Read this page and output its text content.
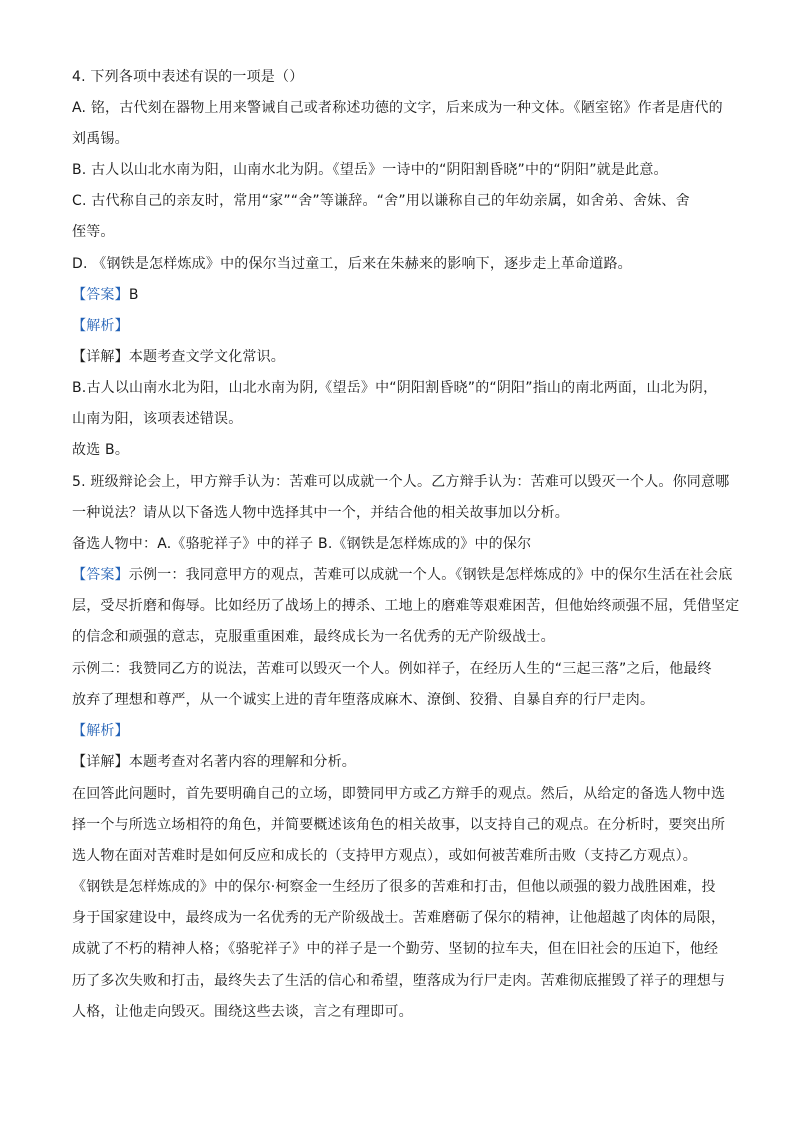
4. 下列各项中表述有误的一项是（）
A. 铭，古代刻在器物上用来警诫自己或者称述功德的文字，后来成为一种文体。《陋室铭》作者是唐代的
刘禹锡。
B. 古人以山北水南为阳，山南水北为阴。《望岳》一诗中的“阴阳割昏晓”中的“阴阳”就是此意。
C. 古代称自己的亲友时，常用“家”“舍”等谦辞。“舍”用以谦称自己的年幼亲属，如舍弟、舍妹、舍
侄等。
D. 《钢铁是怎样炼成》中的保尔当过童工，后来在朱赫来的影响下，逐步走上革命道路。
【答案】B
【解析】
【详解】本题考查文学文化常识。
B.古人以山南水北为阳，山北水南为阴,《望岳》中“阴阳割昏晓”的“阴阳”指山的南北两面，山北为阴，
山南为阳，该项表述错误。
故选 B。
5. 班级辩论会上，甲方辩手认为：苦难可以成就一个人。乙方辩手认为：苦难可以毁灭一个人。你同意哪
一种说法？请从以下备选人物中选择其中一个，并结合他的相关故事加以分析。
备选人物中：A.《骆驼祥子》中的祥子 B.《钢铁是怎样炼成的》中的保尔
【答案】示例一：我同意甲方的观点，苦难可以成就一个人。《钢铁是怎样炼成的》中的保尔生活在社会底
层，受尽折磨和侮辱。比如经历了战场上的搏杀、工地上的磨难等艰难困苦，但他始终顽强不屈，凭借坚定
的信念和顽强的意志，克服重重困难，最终成长为一名优秀的无产阶级战士。
示例二：我赞同乙方的说法，苦难可以毁灭一个人。例如祥子，在经历人生的“三起三落”之后，他最终
放弃了理想和尊严，从一个诚实上进的青年堕落成麻木、潦倒、狡猾、自暴自弃的行尸走肉。
【解析】
【详解】本题考查对名著内容的理解和分析。
在回答此问题时，首先要明确自己的立场，即赞同甲方或乙方辩手的观点。然后，从给定的备选人物中选
择一个与所选立场相符的角色，并简要概述该角色的相关故事，以支持自己的观点。在分析时，要突出所
选人物在面对苦难时是如何反应和成长的（支持甲方观点），或如何被苦难所击败（支持乙方观点）。
《钢铁是怎样炼成的》中的保尔·柯察金一生经历了很多的苦难和打击，但他以顽强的毅力战胜困难，投
身于国家建设中，最终成为一名优秀的无产阶级战士。苦难磨砺了保尔的精神，让他超越了肉体的局限，
成就了不朽的精神人格；《骆驼祥子》中的祥子是一个勤劳、坚韧的拉车夫，但在旧社会的压迫下，他经
历了多次失败和打击，最终失去了生活的信心和希望，堕落成为行尸走肉。苦难彻底摧毁了祥子的理想与
人格，让他走向毁灭。围绕这些去谈，言之有理即可。
